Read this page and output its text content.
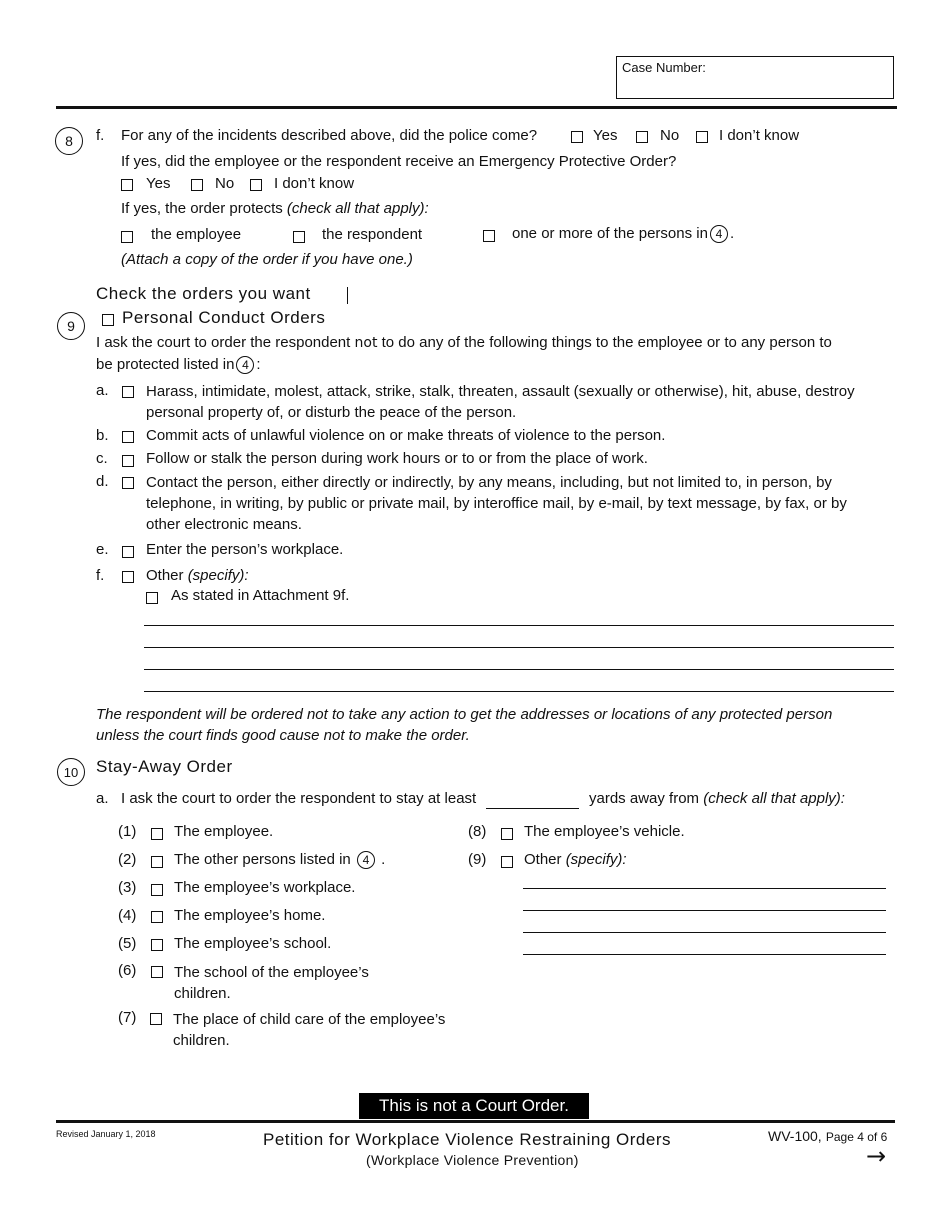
Case Number:
8	f. For any of the incidents described above, did the police come?	Yes	No	I don’t know
If yes, did the employee or the respondent receive an Emergency Protective Order?
Yes	No	I don’t know
If yes, the order protects (check all that apply):
the employee	the respondent	one or more of the persons in 4 .
(Attach a copy of the order if you have one.)
Check the orders you want
9	Personal Conduct Orders
I ask the court to order the respondent not to do any of the following things to the employee or to any person to
be protected listed in 4 :
a. Harass, intimidate, molest, attack, strike, stalk, threaten, assault (sexually or otherwise), hit, abuse, destroy
personal property of, or disturb the peace of the person.
b. Commit acts of unlawful violence on or make threats of violence to the person.
c.	Follow or stalk the person during work hours or to or from the place of work.
d. Contact the person, either directly or indirectly, by any means, including, but not limited to, in person, by
telephone, in writing, by public or private mail, by interoffice mail, by e-mail, by text message, by fax, or by
other electronic means.
e. Enter the person’s workplace.
f.	Other (specify):
As stated in Attachment 9f.
The respondent will be ordered not to take any action to get the addresses or locations of any protected person
unless the court finds good cause not to make the order.
10	Stay-Away Order
a. I ask the court to order the respondent to stay at least	yards away from (check all that apply):
(1)	The employee.
(2)	The other persons listed in 4 .
(3)	The employee’s workplace.
(4)	The employee’s home.
(5)	The employee’s school.
(6)	The school of the employee’s
children.
(7) The place of child care of the employee’s
children.
(8)	The employee’s vehicle.
(9)	Other (specify):
This is not a Court Order.
Revised January 1, 2018	Petition for Workplace Violence Restraining Orders
(Workplace Violence Prevention)
WV-100, Page 4 of 6
→
